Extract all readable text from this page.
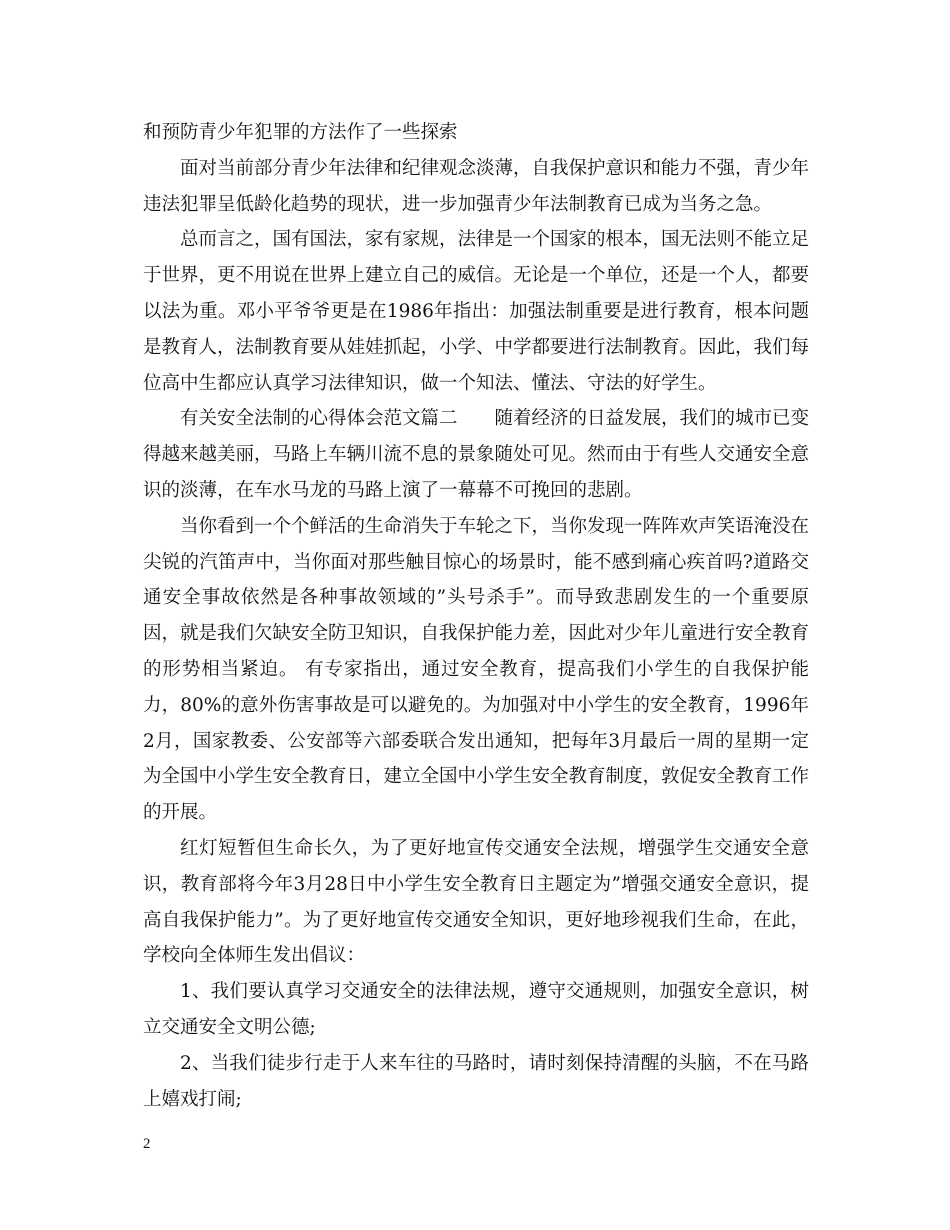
和预防青少年犯罪的方法作了一些探索

面对当前部分青少年法律和纪律观念淡薄，自我保护意识和能力不强，青少年违法犯罪呈低龄化趋势的现状，进一步加强青少年法制教育已成为当务之急。

总而言之，国有国法，家有家规，法律是一个国家的根本，国无法则不能立足于世界，更不用说在世界上建立自己的威信。无论是一个单位，还是一个人，都要以法为重。邓小平爷爷更是在1986年指出：加强法制重要是进行教育，根本问题是教育人，法制教育要从娃娃抓起，小学、中学都要进行法制教育。因此，我们每位高中生都应认真学习法律知识，做一个知法、懂法、守法的好学生。

有关安全法制的心得体会范文篇二　　随着经济的日益发展，我们的城市已变得越来越美丽，马路上车辆川流不息的景象随处可见。然而由于有些人交通安全意识的淡薄，在车水马龙的马路上演了一幕幕不可挽回的悲剧。

当你看到一个个鲜活的生命消失于车轮之下，当你发现一阵阵欢声笑语淹没在尖锐的汽笛声中，当你面对那些触目惊心的场景时，能不感到痛心疾首吗?道路交通安全事故依然是各种事故领域的”头号杀手”。而导致悲剧发生的一个重要原因，就是我们欠缺安全防卫知识，自我保护能力差，因此对少年儿童进行安全教育的形势相当紧迫。 有专家指出，通过安全教育，提高我们小学生的自我保护能力，80%的意外伤害事故是可以避免的。为加强对中小学生的安全教育，1996年2月，国家教委、公安部等六部委联合发出通知，把每年3月最后一周的星期一定为全国中小学生安全教育日，建立全国中小学生安全教育制度，敦促安全教育工作的开展。

红灯短暂但生命长久，为了更好地宣传交通安全法规，增强学生交通安全意识，教育部将今年3月28日中小学生安全教育日主题定为”增强交通安全意识，提高自我保护能力”。为了更好地宣传交通安全知识，更好地珍视我们生命，在此，学校向全体师生发出倡议：

1、我们要认真学习交通安全的法律法规，遵守交通规则，加强安全意识，树立交通安全文明公德;

2、当我们徒步行走于人来车往的马路时，请时刻保持清醒的头脑，不在马路上嬉戏打闹;

2
